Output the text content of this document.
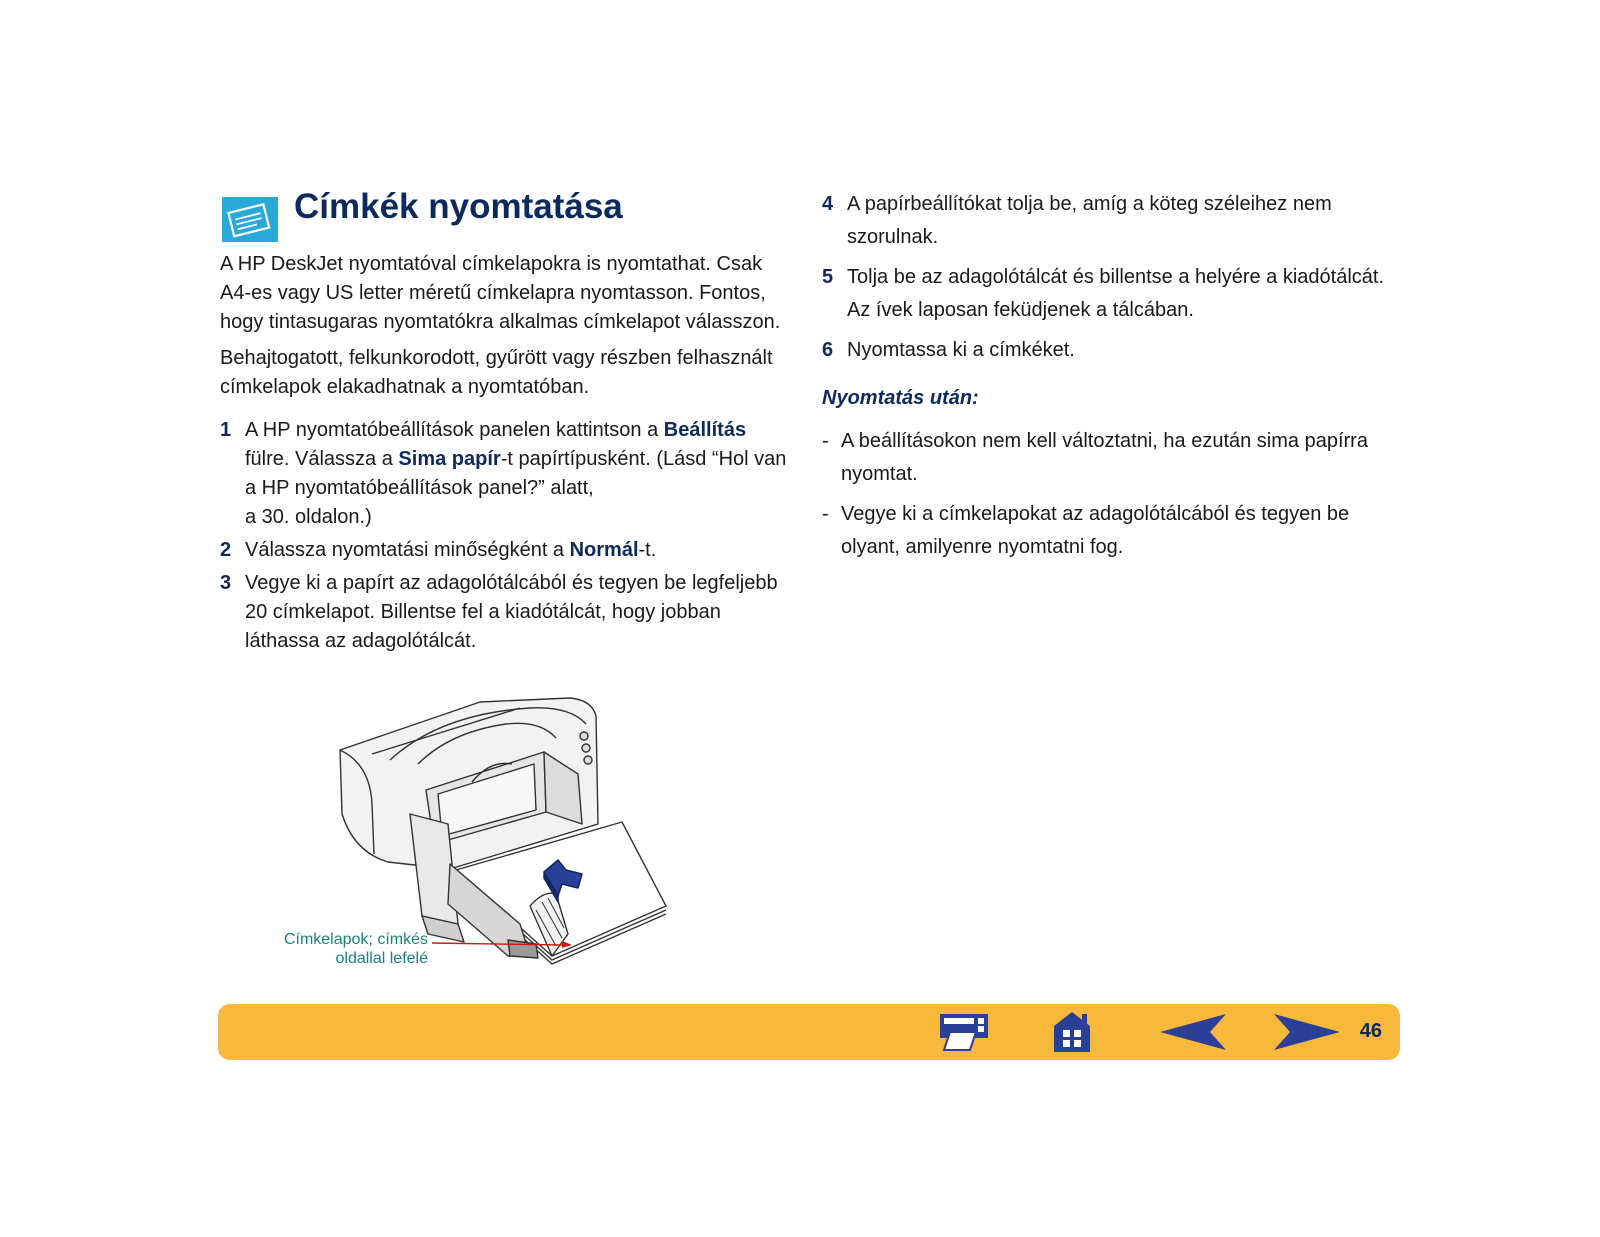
Címkék nyomtatása

A HP DeskJet nyomtatóval címkelapokra is nyomtathat. Csak A4-es vagy US letter méretű címkelapra nyomtasson. Fontos, hogy tintasugaras nyomtatókra alkalmas címkelapot válasszon.

Behajtogatott, felkunkorodott, gyűrött vagy részben felhasznált címkelapok elakadhatnak a nyomtatóban.

1 A HP nyomtatóbeállítások panelen kattintson a Beállítás fülre. Válassza a Sima papír-t papírtípusként. (Lásd “Hol van a HP nyomtatóbeállítások panel?” alatt,
a 30. oldalon.)
2 Válassza nyomtatási minőségként a Normál-t.
3 Vegye ki a papírt az adagolótálcából és tegyen be legfeljebb 20 címkelapot. Billentse fel a kiadótálcát, hogy jobban láthassa az adagolótálcát.
4 A papírbeállítókat tolja be, amíg a köteg széleihez nem szorulnak.
5 Tolja be az adagolótálcát és billentse a helyére a kiadótálcát. Az ívek laposan feküdjenek a tálcában.
6 Nyomtassa ki a címkéket.
Nyomtatás után:
- A beállításokon nem kell változtatni, ha ezután sima papírra nyomtat.
- Vegye ki a címkelapokat az adagolótálcából és tegyen be olyant, amilyenre nyomtatni fog.
Címkelapok; címkés
oldallal lefelé
46
